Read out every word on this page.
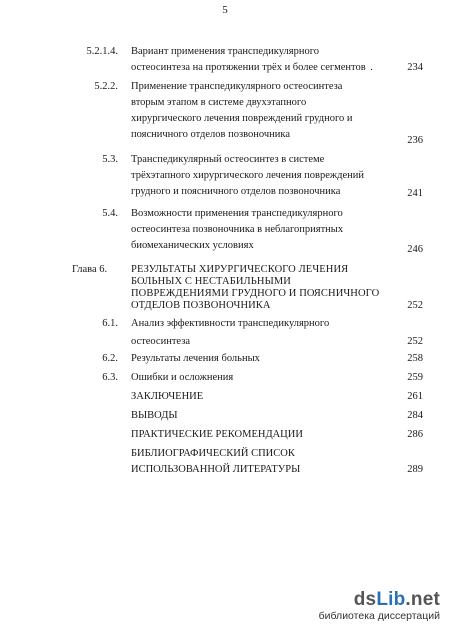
5
5.2.1.4. Вариант применения транспедикулярного
остеосинтеза на протяжении трёх и более сегментов .	234
5.2.2. Применение транспедикулярного остеосинтеза
вторым этапом в системе двухэтапного
хирургического лечения повреждений грудного и
поясничного отделов позвоночника
236
5.3. Транспедикулярный остеосинтез в системе
трёхэтапного хирургического лечения повреждений
грудного и поясничного отделов позвоночника	241
5.4. Возможности применения транспедикулярного
остеосинтеза позвоночника в неблагоприятных
биомеханических условиях	246
Глава 6.	РЕЗУЛЬТАТЫ ХИРУРГИЧЕСКОГО ЛЕЧЕНИЯ
БОЛЬНЫХ С НЕСТАБИЛЬНЫМИ
ПОВРЕЖДЕНИЯМИ ГРУДНОГО И ПОЯСНИЧНОГО
ОТДЕЛОВ ПОЗВОНОЧНИКА	252
6.1. Анализ эффективности транспедикулярного
остеосинтеза	252
6.2. Результаты лечения больных	258
6.3. Ошибки и осложнения	259
ЗАКЛЮЧЕНИЕ	261
ВЫВОДЫ	284
ПРАКТИЧЕСКИЕ РЕКОМЕНДАЦИИ	286
БИБЛИОГРАФИЧЕСКИЙ СПИСОК
ИСПОЛЬЗОВАННОЙ ЛИТЕРАТУРЫ	289
dsLib.net
библиотека диссертаций
